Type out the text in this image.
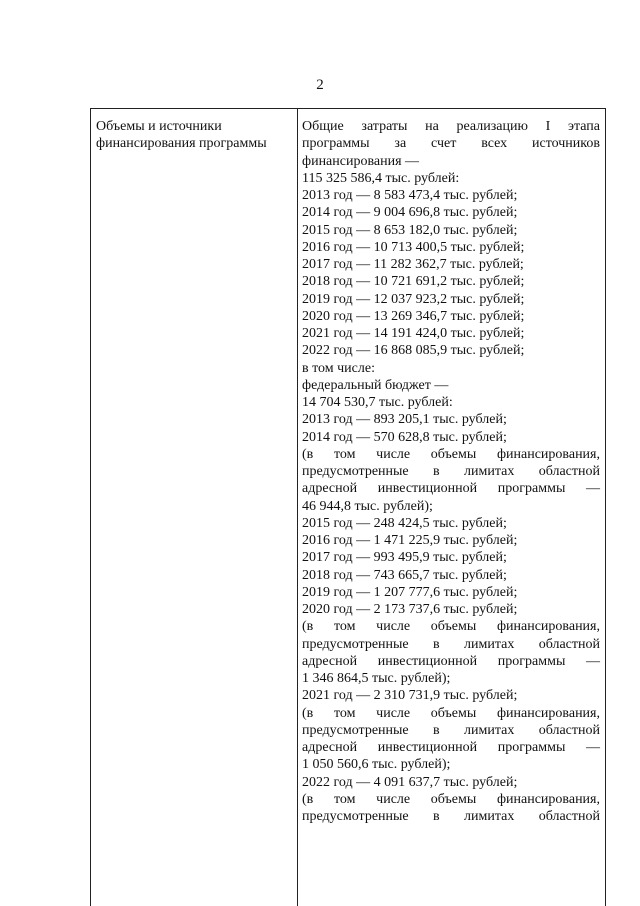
2
Объемы и источники
финансирования программы
Общие затраты на реализацию I этапа
программы за счет всех источников
финансирования —
115 325 586,4 тыс. рублей:
2013 год — 8 583 473,4 тыс. рублей;
2014 год — 9 004 696,8 тыс. рублей;
2015 год — 8 653 182,0 тыс. рублей;
2016 год — 10 713 400,5 тыс. рублей;
2017 год — 11 282 362,7 тыс. рублей;
2018 год — 10 721 691,2 тыс. рублей;
2019 год — 12 037 923,2 тыс. рублей;
2020 год — 13 269 346,7 тыс. рублей;
2021 год — 14 191 424,0 тыс. рублей;
2022 год — 16 868 085,9 тыс. рублей;
в том числе:
федеральный бюджет —
14 704 530,7 тыс. рублей:
2013 год — 893 205,1 тыс. рублей;
2014 год — 570 628,8 тыс. рублей;
(в том числе объемы финансирования,
предусмотренные в лимитах областной
адресной инвестиционной программы —
46 944,8 тыс. рублей);
2015 год — 248 424,5 тыс. рублей;
2016 год — 1 471 225,9 тыс. рублей;
2017 год — 993 495,9 тыс. рублей;
2018 год — 743 665,7 тыс. рублей;
2019 год — 1 207 777,6 тыс. рублей;
2020 год — 2 173 737,6 тыс. рублей;
(в том числе объемы финансирования,
предусмотренные в лимитах областной
адресной инвестиционной программы —
1 346 864,5 тыс. рублей);
2021 год — 2 310 731,9 тыс. рублей;
(в том числе объемы финансирования,
предусмотренные в лимитах областной
адресной инвестиционной программы —
1 050 560,6 тыс. рублей);
2022 год — 4 091 637,7 тыс. рублей;
(в том числе объемы финансирования,
предусмотренные в лимитах областной
